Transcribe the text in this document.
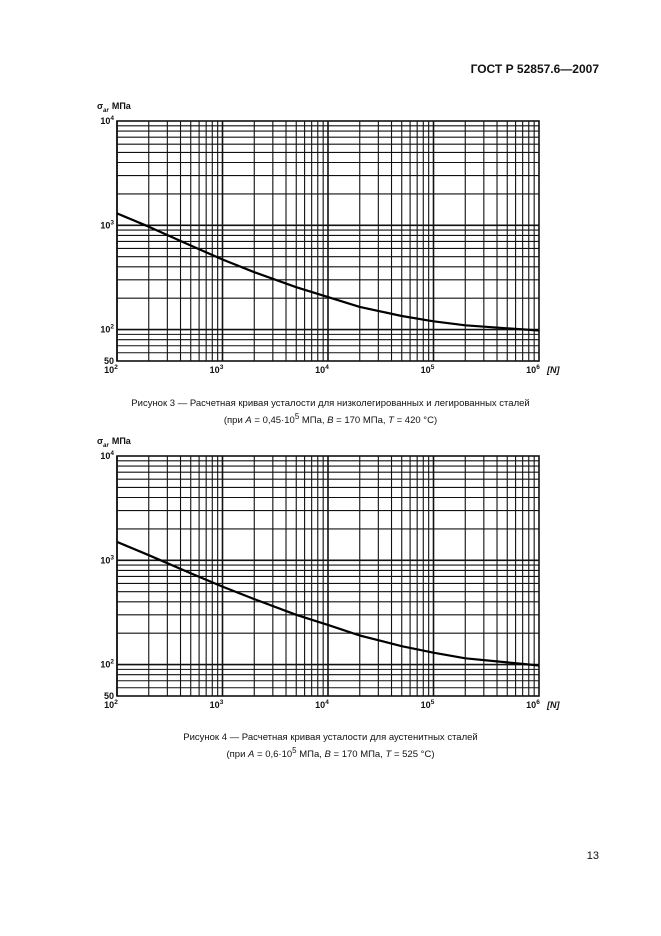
ГОСТ Р 52857.6—2007
$10^2$	$10^3$	$10^4$	$10^5$	$10^6$ [N]
$10^4$
$10^3$
$10^2$
50
$\sigma_{ar}$ МПа
Рисунок 3 — Расчетная кривая усталости для низколегированных и легированных сталей
(при $A = 0,45\cdot 10^5$ МПа, B = 170 МПа, T = 420 °C)
$10^2$	$10^3$	$10^4$	$10^5$	$10^6$ [N]
$10^4$
$10^3$
$10^2$
50
$\sigma_{ar}$ МПа
Рисунок 4 — Расчетная кривая усталости для аустенитных сталей
(при $A = 0,6\cdot 10^5$ МПа, B = 170 МПа, T = 525 °C)
13
